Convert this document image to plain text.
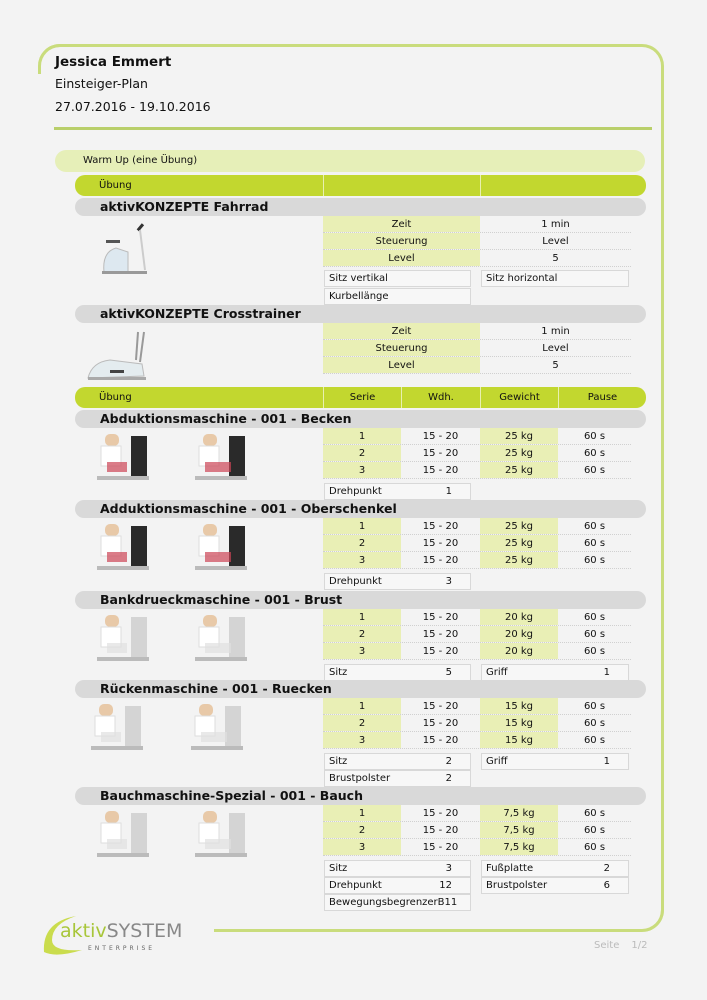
Jessica Emmert
Einsteiger-Plan
27.07.2016 - 19.10.2016
Warm Up (eine Übung)
Übung
aktivKONZEPTE Fahrrad
Zeit	1 min
Steuerung	Level
Level	5
Sitz vertikal	Sitz horizontal
Kurbellänge
aktivKONZEPTE Crosstrainer
Zeit	1 min
Steuerung	Level
Level	5
Übung	Serie	Wdh.	Gewicht	Pause
Abduktionsmaschine - 001 - Becken
1	15 - 20	25 kg	60 s
2	15 - 20	25 kg	60 s
3	15 - 20	25 kg	60 s
Drehpunkt	1
Adduktionsmaschine - 001 - Oberschenkel
1	15 - 20	25 kg	60 s
2	15 - 20	25 kg	60 s
3	15 - 20	25 kg	60 s
Drehpunkt	3
Bankdrueckmaschine - 001 - Brust
1	15 - 20	20 kg	60 s
2	15 - 20	20 kg	60 s
3	15 - 20	20 kg	60 s
Sitz	5	Griff	1
Rückenmaschine - 001 - Ruecken
1	15 - 20	15 kg	60 s
2	15 - 20	15 kg	60 s
3	15 - 20	15 kg	60 s
Sitz	2	Griff	1
Brustpolster	2
Bauchmaschine-Spezial - 001 - Bauch
1	15 - 20	7,5 kg	60 s
2	15 - 20	7,5 kg	60 s
3	15 - 20	7,5 kg	60 s
Sitz	3	Fußplatte	2
Drehpunkt	12	Brustpolster	6
Bewegungsbegrenzer B11
aktivSYSTEM
ENTERPRISE	Seite 1/2
